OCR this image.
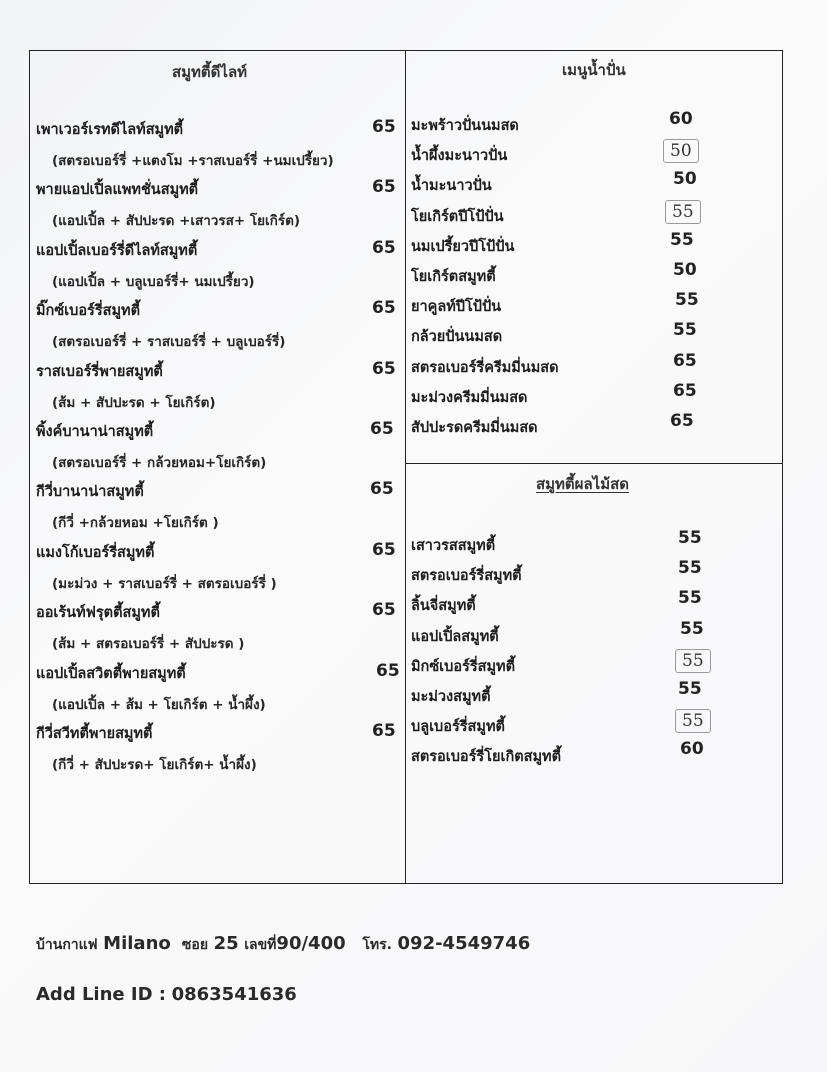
สมูทตี้ดีไลท์
เพาเวอร์เรทดีไลท์สมูทตี้	65
(สตรอเบอร์รี่ +แตงโม +ราสเบอร์รี่ +นมเปรี้ยว)
พายแอปเปิ้ลแพทชั่นสมูทตี้	65
(แอปเปิ้ล + สัปปะรด +เสาวรส+ โยเกิร์ต)
แอปเปิ้ลเบอร์รี่ดีไลท์สมูทตี้	65
(แอปเปิ้ล + บลูเบอร์รี่+ นมเปรี้ยว)
มิ๊กซ์เบอร์รี่สมูทตี้	65
(สตรอเบอร์รี่ + ราสเบอร์รี่ + บลูเบอร์รี่)
ราสเบอร์รี่พายสมูทตี้	65
(ส้ม + สัปปะรด + โยเกิร์ต)
พิ้งค์บานาน่าสมูทตี้	65
(สตรอเบอร์รี่ + กล้วยหอม+โยเกิร์ต)
กีวี่บานาน่าสมูทตี้	65
(กีวี่ +กล้วยหอม +โยเกิร์ต )
แมงโก้เบอร์รี่สมูทตี้	65
(มะม่วง + ราสเบอร์รี่ + สตรอเบอร์รี่ )
ออเร้นท์ฟรุตตี้สมูทตี้	65
(ส้ม + สตรอเบอร์รี่ + สัปปะรด )
แอปเปิ้ลสวิตตี้พายสมูทตี้	65
(แอปเปิ้ล + ส้ม + โยเกิร์ต + น้ำผึ้ง)
กีวี่สวีทตี้พายสมูทตี้	65
(กีวี่ + สัปปะรด+ โยเกิร์ต+ น้ำผึ้ง)
เมนูน้ำปั่น
มะพร้าวปั่นนมสด	60
น้ำผึ้งมะนาวปั่น	50
น้ำมะนาวปั่น	50
โยเกิร์ตปีโป้ปั่น	55
นมเปรี้ยวปีโป้ปั่น	55
โยเกิร์ตสมูทตี้	50
ยาคูลท์ปีโป้ปั่น	55
กล้วยปั่นนมสด	55
สตรอเบอร์รี่ครีมมี่นมสด	65
มะม่วงครีมมี่นมสด	65
สัปปะรดครีมมี่นมสด	65
สมูทตี้ผลไม้สด
เสาวรสสมูทตี้	55
สตรอเบอร์รี่สมูทตี้	55
ลิ้นจี่สมูทตี้	55
แอปเปิ้ลสมูทตี้	55
มิกซ์เบอร์รี่สมูทตี้	55
มะม่วงสมูทตี้	55
บลูเบอร์รี่สมูทตี้	55
สตรอเบอร์รี่โยเกิตสมูทตี้	60
บ้านกาแฟ Milano ซอย 25 เลขที่90/400 โทร. 092-4549746
Add Line ID : 0863541636
